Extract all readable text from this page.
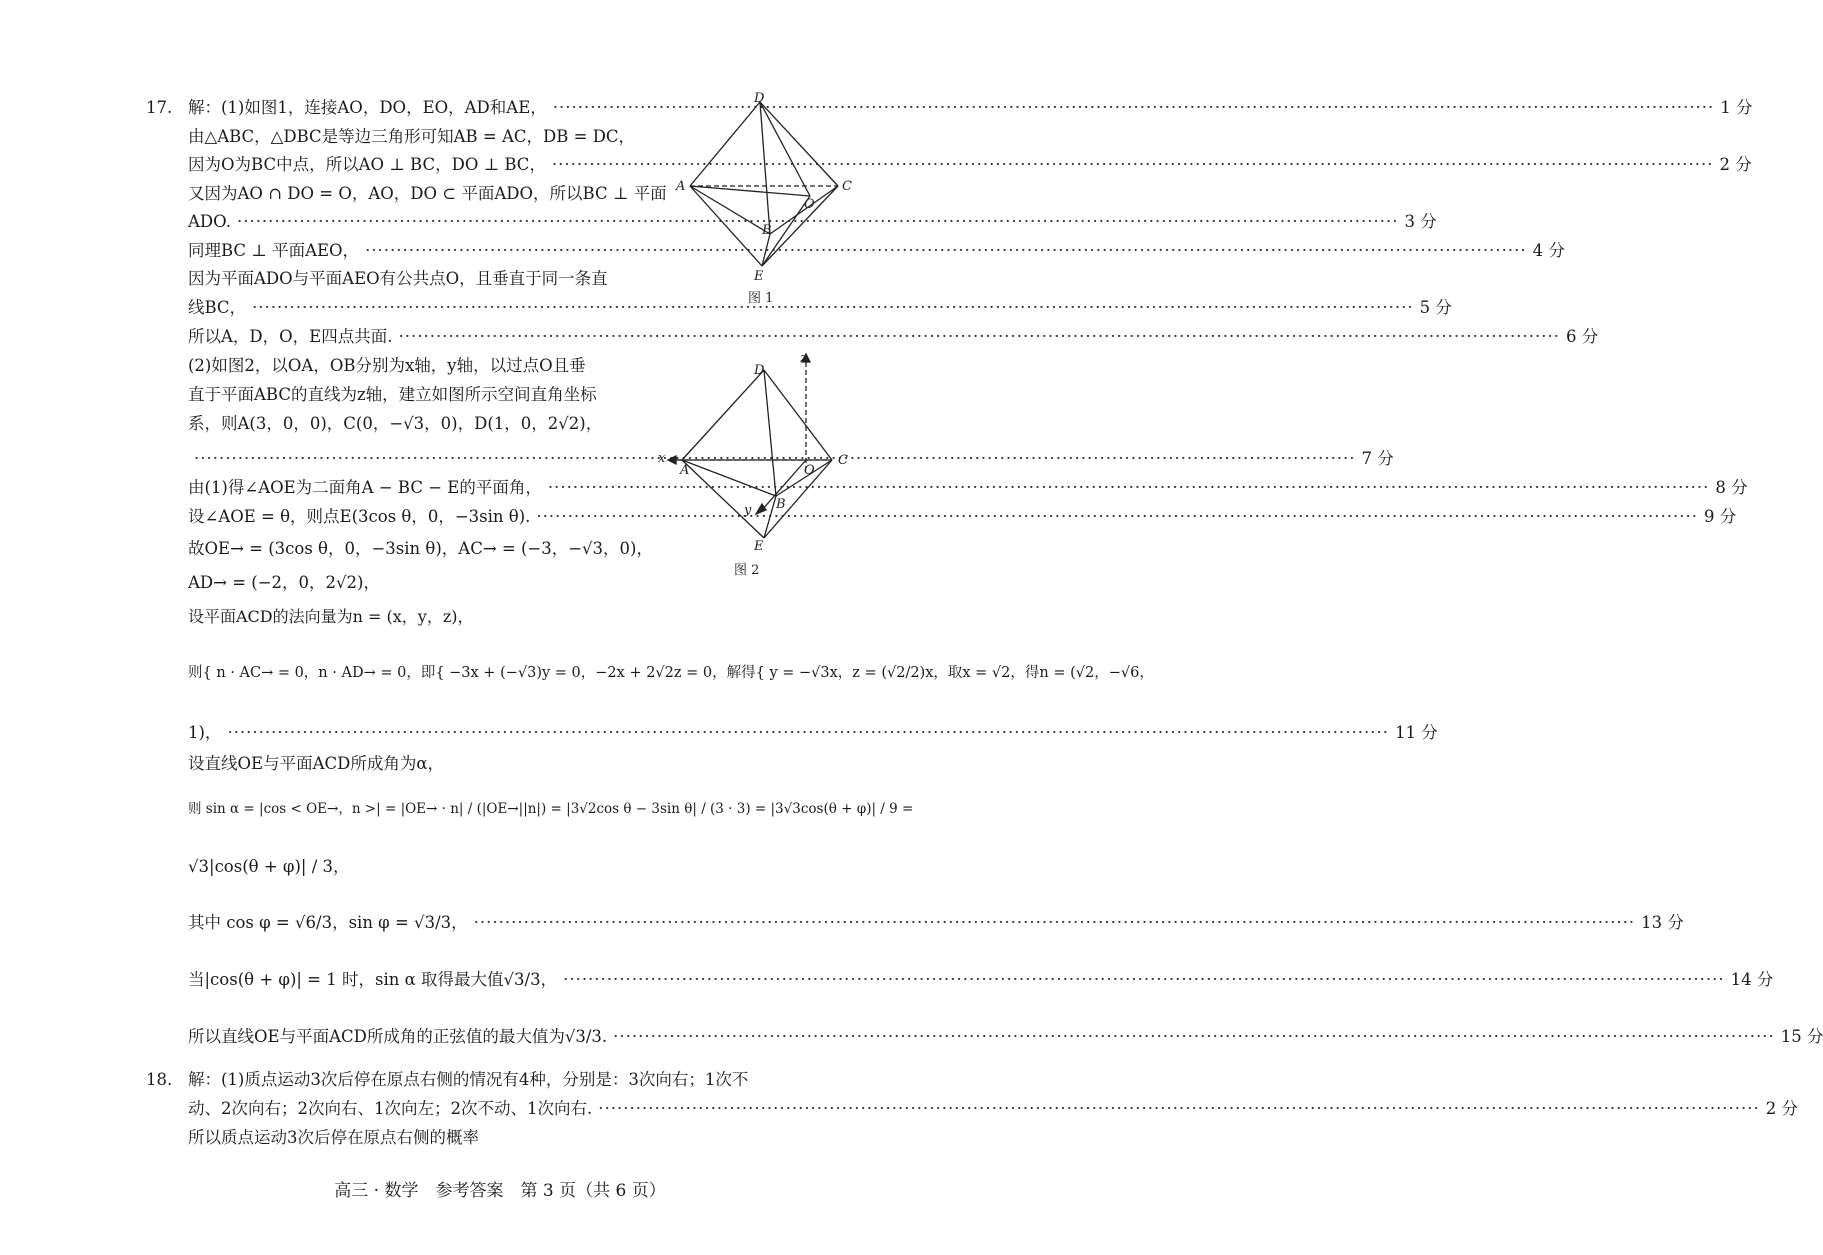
17. 解：(1)如图1，连接AO，DO，EO，AD和AE， ·····	1 分
由△ABC，△DBC是等边三角形可知AB = AC，DB = DC，
因为O为BC中点，所以AO ⊥ BC，DO ⊥ BC， ·····	2 分
又因为AO ∩ DO = O，AO，DO ⊂ 平面ADO，所以BC ⊥ 平面
ADO. ·····	3 分
同理BC ⊥ 平面AEO， ·····	4 分
因为平面ADO与平面AEO有公共点O，且垂直于同一条直
线BC， ·····	5 分
所以A，D，O，E四点共面. ·····	6 分
(2)如图2，以OA，OB分别为x轴，y轴，以过点O且垂
直于平面ABC的直线为z轴，建立如图所示空间直角坐标
系，则A(3，0，0)，C(0，−√3，0)，D(1，0，2√2)，
·····
7 分
由(1)得∠AOE为二面角A − BC − E的平面角， ·····	8 分
设∠AOE = θ，则点E(3cos θ，0，−3sin θ). ·····	9 分
故OE→ = (3cos θ，0，−3sin θ)，AC→ = (−3，−√3，0)，
AD→ = (−2，0，2√2)，
设平面ACD的法向量为n = (x，y，z)，
则{ n · AC→ = 0，n · AD→ = 0，即{ −3x + (−√3)y = 0，−2x + 2√2z = 0，解得{ y = −√3x，z = (√2/2)x，取x = √2，得n = (√2，−√6，
1)， ·····	11 分
设直线OE与平面ACD所成角为α，
则 sin α = |cos < OE→，n >| = |OE→ · n| / (|OE→||n|) = |3√2cos θ − 3sin θ| / (3 · 3) = |3√3cos(θ + φ)| / 9 =
√3|cos(θ + φ)| / 3，
其中 cos φ = √6/3，sin φ = √3/3， ·····	13 分
当|cos(θ + φ)| = 1 时，sin α 取得最大值√3/3， ·····	14 分
所以直线OE与平面ACD所成角的正弦值的最大值为√3/3. ·····	15 分
18. 解：(1)质点运动3次后停在原点右侧的情况有4种，分别是：3次向右；1次不
动、2次向右；2次向右、1次向左；2次不动、1次向右. ·····	2 分
所以质点运动3次后停在原点右侧的概率
D
A	C
O
B
E
图 1
D
z
x
A
C
O
B
y
E
图 2
高三 · 数学　参考答案　第 3 页（共 6 页）
